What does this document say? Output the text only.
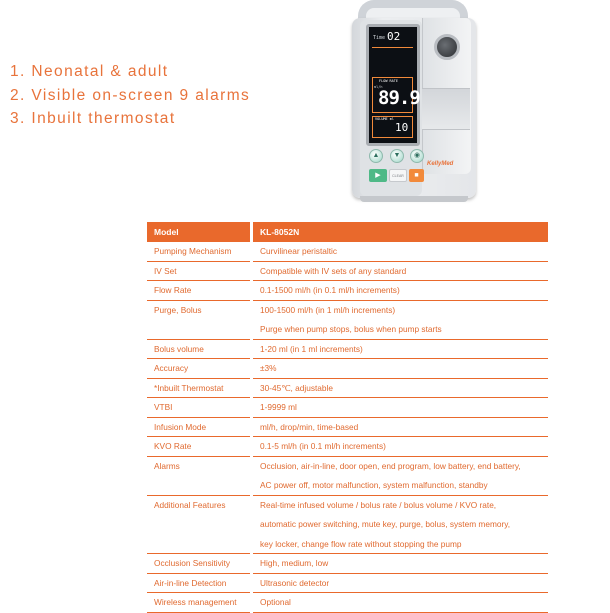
1. Neonatal & adult
2. Visible on-screen 9 alarms
3. Inbuilt thermostat
KellyMed
Time 02
FLOW RATE
ml/h
89.9
VOLUME ml
10
▲	▼	◉
▶	CLEAR	■
Model	KL-8052N
Pumping Mechanism	Curvilinear peristaltic
IV Set	Compatible with IV sets of any standard
Flow Rate	0.1-1500 ml/h (in 0.1 ml/h increments)
Purge, Bolus	100-1500 ml/h (in 1 ml/h increments)
Purge when pump stops, bolus when pump starts
Bolus volume	1-20 ml (in 1 ml increments)
Accuracy	±3%
*Inbuilt Thermostat	30-45℃, adjustable
VTBI	1-9999 ml
Infusion Mode	ml/h, drop/min, time-based
KVO Rate	0.1-5 ml/h (in 0.1 ml/h increments)
Alarms	Occlusion, air-in-line, door open, end program, low battery, end battery,
AC power off, motor malfunction, system malfunction, standby
Additional Features	Real-time infused volume / bolus rate / bolus volume / KVO rate,
automatic power switching, mute key, purge, bolus, system memory,
key locker, change flow rate without stopping the pump
Occlusion Sensitivity	High, medium, low
Air-in-line Detection	Ultrasonic detector
Wireless management	Optional
